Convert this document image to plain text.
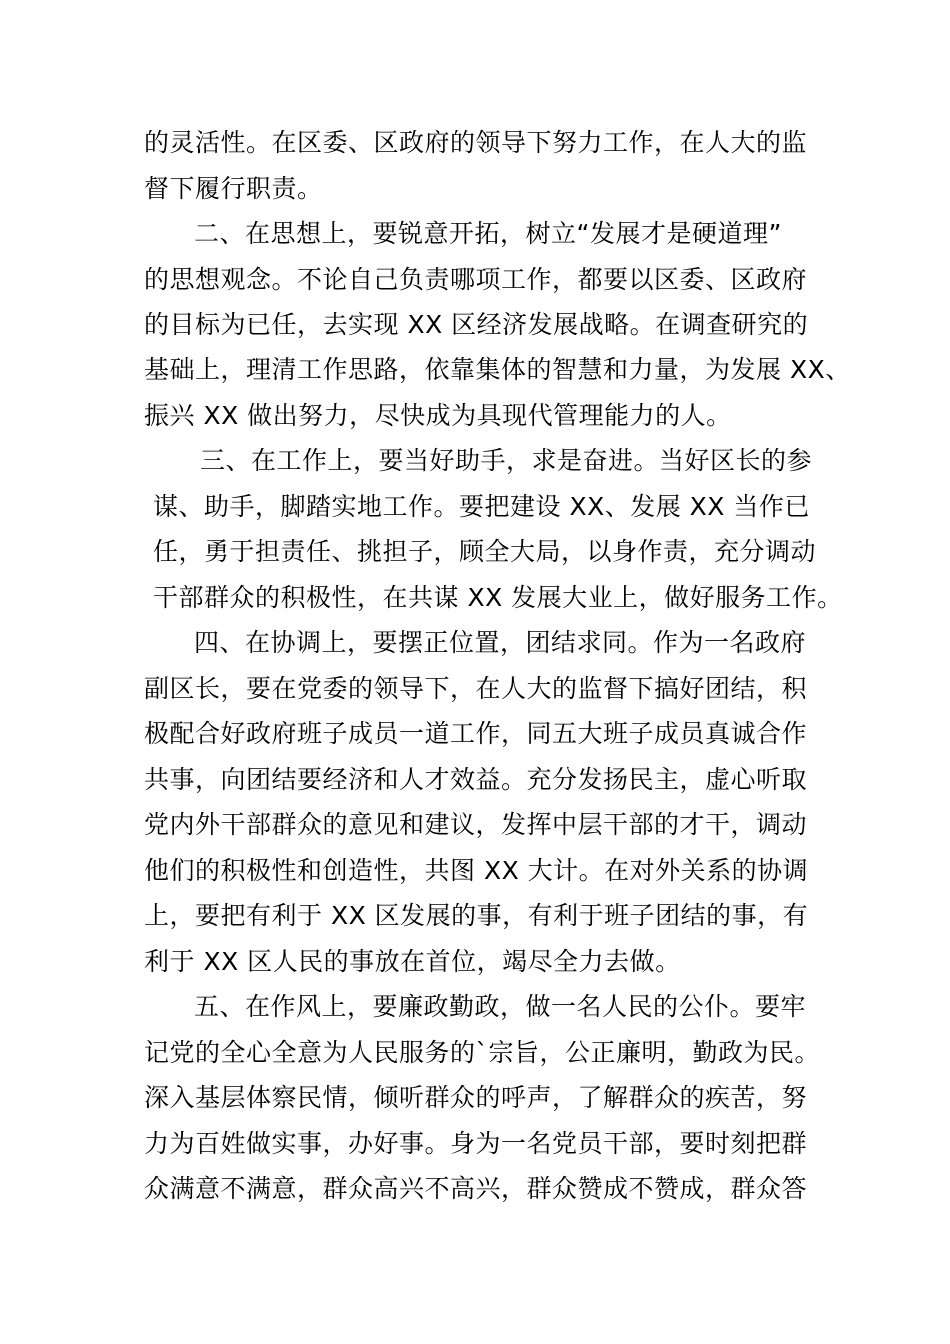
的灵活性。在区委、区政府的领导下努力工作，在人大的监
督下履行职责。
二、在思想上，要锐意开拓，树立“发展才是硬道理”
的思想观念。不论自己负责哪项工作，都要以区委、区政府
的目标为已任，去实现 XX 区经济发展战略。在调查研究的
基础上，理清工作思路，依靠集体的智慧和力量，为发展 XX、
振兴 XX 做出努力，尽快成为具现代管理能力的人。
三、在工作上，要当好助手，求是奋进。当好区长的参
谋、助手，脚踏实地工作。要把建设 XX、发展 XX 当作已
任，勇于担责任、挑担子，顾全大局，以身作责，充分调动
干部群众的积极性，在共谋 XX 发展大业上，做好服务工作。
四、在协调上，要摆正位置，团结求同。作为一名政府
副区长，要在党委的领导下，在人大的监督下搞好团结，积
极配合好政府班子成员一道工作，同五大班子成员真诚合作
共事，向团结要经济和人才效益。充分发扬民主，虚心听取
党内外干部群众的意见和建议，发挥中层干部的才干，调动
他们的积极性和创造性，共图 XX 大计。在对外关系的协调
上，要把有利于 XX 区发展的事，有利于班子团结的事，有
利于 XX 区人民的事放在首位，竭尽全力去做。
五、在作风上，要廉政勤政，做一名人民的公仆。要牢
记党的全心全意为人民服务的`宗旨，公正廉明，勤政为民。
深入基层体察民情，倾听群众的呼声，了解群众的疾苦，努
力为百姓做实事，办好事。身为一名党员干部，要时刻把群
众满意不满意，群众高兴不高兴，群众赞成不赞成，群众答
